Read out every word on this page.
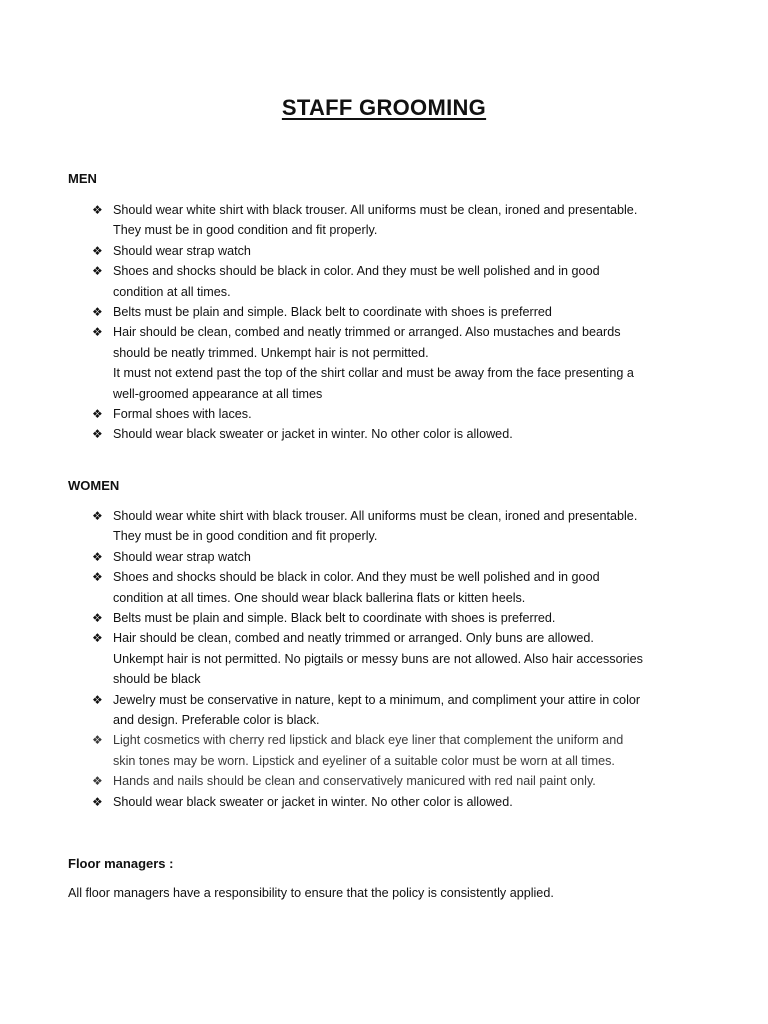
STAFF GROOMING
MEN
❖ Should wear white shirt with black trouser. All uniforms must be clean, ironed and presentable.
They must be in good condition and fit properly.
❖ Should wear strap watch
❖ Shoes and shocks should be black in color. And they must be well polished and in good
condition at all times.
❖ Belts must be plain and simple. Black belt to coordinate with shoes is preferred
❖ Hair should be clean, combed and neatly trimmed or arranged. Also mustaches and beards
should be neatly trimmed. Unkempt hair is not permitted.
It must not extend past the top of the shirt collar and must be away from the face presenting a
well-groomed appearance at all times
❖ Formal shoes with laces.
❖ Should wear black sweater or jacket in winter. No other color is allowed.
WOMEN
❖ Should wear white shirt with black trouser. All uniforms must be clean, ironed and presentable.
They must be in good condition and fit properly.
❖ Should wear strap watch
❖ Shoes and shocks should be black in color. And they must be well polished and in good
condition at all times. One should wear black ballerina flats or kitten heels.
❖ Belts must be plain and simple. Black belt to coordinate with shoes is preferred.
❖ Hair should be clean, combed and neatly trimmed or arranged. Only buns are allowed.
Unkempt hair is not permitted. No pigtails or messy buns are not allowed. Also hair accessories
should be black
❖ Jewelry must be conservative in nature, kept to a minimum, and compliment your attire in color
and design. Preferable color is black.
❖ Light cosmetics with cherry red lipstick and black eye liner that complement the uniform and
skin tones may be worn. Lipstick and eyeliner of a suitable color must be worn at all times.
❖ Hands and nails should be clean and conservatively manicured with red nail paint only.
❖ Should wear black sweater or jacket in winter. No other color is allowed.
Floor managers :
All floor managers have a responsibility to ensure that the policy is consistently applied.
